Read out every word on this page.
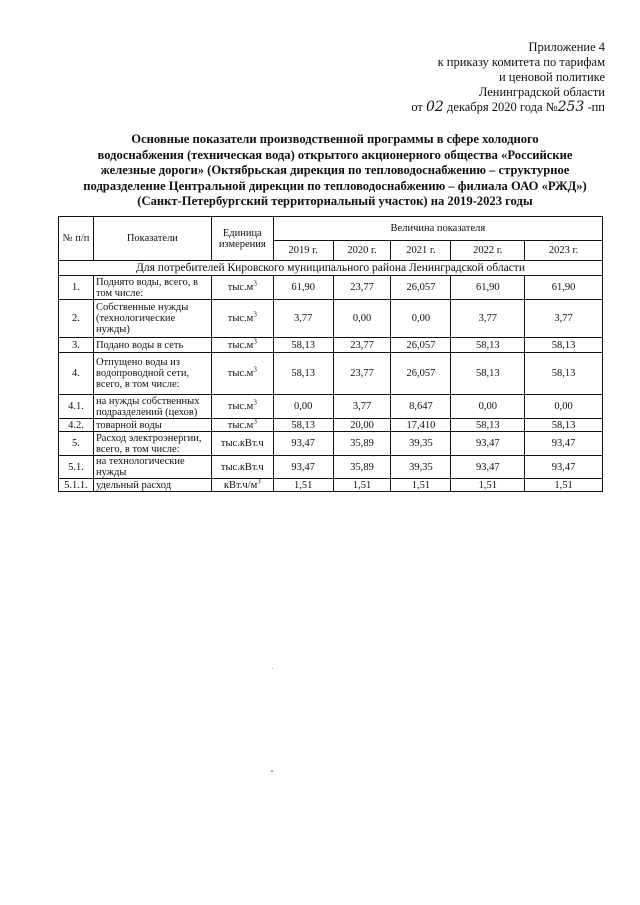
Приложение 4
к приказу комитета по тарифам
и ценовой политике
Ленинградской области
от 02 декабря 2020 года №253 -пп
Основные показатели производственной программы в сфере холодного
водоснабжения (техническая вода) открытого акционерного общества «Российские
железные дороги» (Октябрьская дирекция по тепловодоснабжению – структурное
подразделение Центральной дирекции по тепловодоснабжению – филиала ОАО «РЖД»)
(Санкт-Петербургский территориальный участок) на 2019-2023 годы
№ п/п	Показатели	Единица измерения	Величина показателя				
			2019 г.	2020 г.	2021 г.	2022 г.	2023 г.
Для потребителей Кировского муниципального района Ленинградской области							
1.	Поднято воды, всего, в том числе:	$тыс.м^3$	61,90	23,77	26,057	61,90	61,90
2.	Собственные нужды (технологические нужды)	$тыс.м^3$	3,77	0,00	0,00	3,77	3,77
3.	Подано воды в сеть	$тыс.м^3$	58,13	23,77	26,057	58,13	58,13
4.	Отпущено воды из водопроводной сети, всего, в том числе:	$тыс.м^3$	58,13	23,77	26,057	58,13	58,13
4.1.	на нужды собственных подразделений (цехов)	$тыс.м^3$	0,00	3,77	8,647	0,00	0,00
4.2.	товарной воды	$тыс.м^3$	58,13	20,00	17,410	58,13	58,13
5.	Расход электроэнергии, всего, в том числе:	тыс.кВт.ч	93,47	35,89	39,35	93,47	93,47
5.1.	на технологические нужды	тыс.кВт.ч	93,47	35,89	39,35	93,47	93,47
5.1.1.	удельный расход	$кВт.ч/м^3$	1,51	1,51	1,51	1,51	1,51
